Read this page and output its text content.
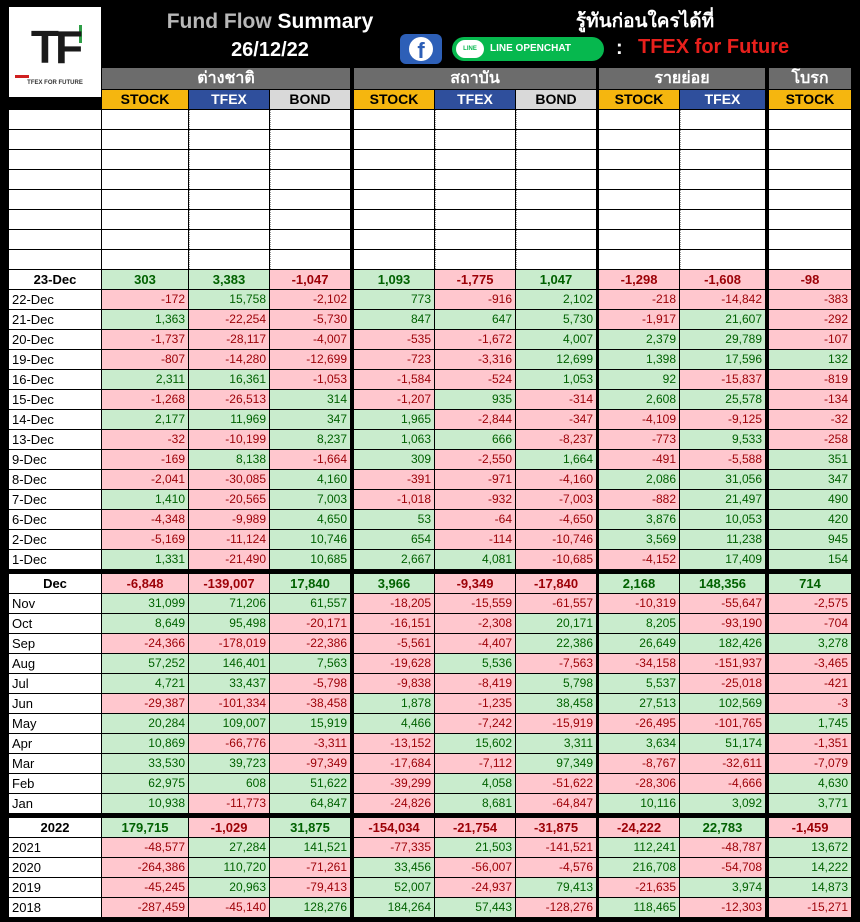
TF
TFEX FOR FUTURE
Fund Flow Summary
26/12/22
รู้ทันก่อนใครได้ที่
f	LINE	LINE OPENCHAT : TFEX for Future
ต่างชาติ	สถาบัน	รายย่อย	โบรก
STOCK	TFEX	BOND	STOCK	TFEX	BOND	STOCK	TFEX	STOCK
23-Dec	303	3,383	-1,047	1,093	-1,775	1,047	-1,298	-1,608	-98
22-Dec	-172	15,758	-2,102	773	-916	2,102	-218	-14,842	-383
21-Dec	1,363	-22,254	-5,730	847	647	5,730	-1,917	21,607	-292
20-Dec	-1,737	-28,117	-4,007	-535	-1,672	4,007	2,379	29,789	-107
19-Dec	-807	-14,280	-12,699	-723	-3,316	12,699	1,398	17,596	132
16-Dec	2,311	16,361	-1,053	-1,584	-524	1,053	92	-15,837	-819
15-Dec	-1,268	-26,513	314	-1,207	935	-314	2,608	25,578	-134
14-Dec	2,177	11,969	347	1,965	-2,844	-347	-4,109	-9,125	-32
13-Dec	-32	-10,199	8,237	1,063	666	-8,237	-773	9,533	-258
9-Dec	-169	8,138	-1,664	309	-2,550	1,664	-491	-5,588	351
8-Dec	-2,041	-30,085	4,160	-391	-971	-4,160	2,086	31,056	347
7-Dec	1,410	-20,565	7,003	-1,018	-932	-7,003	-882	21,497	490
6-Dec	-4,348	-9,989	4,650	53	-64	-4,650	3,876	10,053	420
2-Dec	-5,169	-11,124	10,746	654	-114	-10,746	3,569	11,238	945
1-Dec	1,331	-21,490	10,685	2,667	4,081	-10,685	-4,152	17,409	154
Dec	-6,848	-139,007	17,840	3,966	-9,349	-17,840	2,168	148,356	714
Nov	31,099	71,206	61,557	-18,205	-15,559	-61,557	-10,319	-55,647	-2,575
Oct	8,649	95,498	-20,171	-16,151	-2,308	20,171	8,205	-93,190	-704
Sep	-24,366	-178,019	-22,386	-5,561	-4,407	22,386	26,649	182,426	3,278
Aug	57,252	146,401	7,563	-19,628	5,536	-7,563	-34,158	-151,937	-3,465
Jul	4,721	33,437	-5,798	-9,838	-8,419	5,798	5,537	-25,018	-421
Jun	-29,387	-101,334	-38,458	1,878	-1,235	38,458	27,513	102,569	-3
May	20,284	109,007	15,919	4,466	-7,242	-15,919	-26,495	-101,765	1,745
Apr	10,869	-66,776	-3,311	-13,152	15,602	3,311	3,634	51,174	-1,351
Mar	33,530	39,723	-97,349	-17,684	-7,112	97,349	-8,767	-32,611	-7,079
Feb	62,975	608	51,622	-39,299	4,058	-51,622	-28,306	-4,666	4,630
Jan	10,938	-11,773	64,847	-24,826	8,681	-64,847	10,116	3,092	3,771
2022	179,715	-1,029	31,875	-154,034	-21,754	-31,875	-24,222	22,783	-1,459
2021	-48,577	27,284	141,521	-77,335	21,503	-141,521	112,241	-48,787	13,672
2020	-264,386	110,720	-71,261	33,456	-56,007	-4,576	216,708	-54,708	14,222
2019	-45,245	20,963	-79,413	52,007	-24,937	79,413	-21,635	3,974	14,873
2018	-287,459	-45,140	128,276	184,264	57,443	-128,276	118,465	-12,303	-15,271
